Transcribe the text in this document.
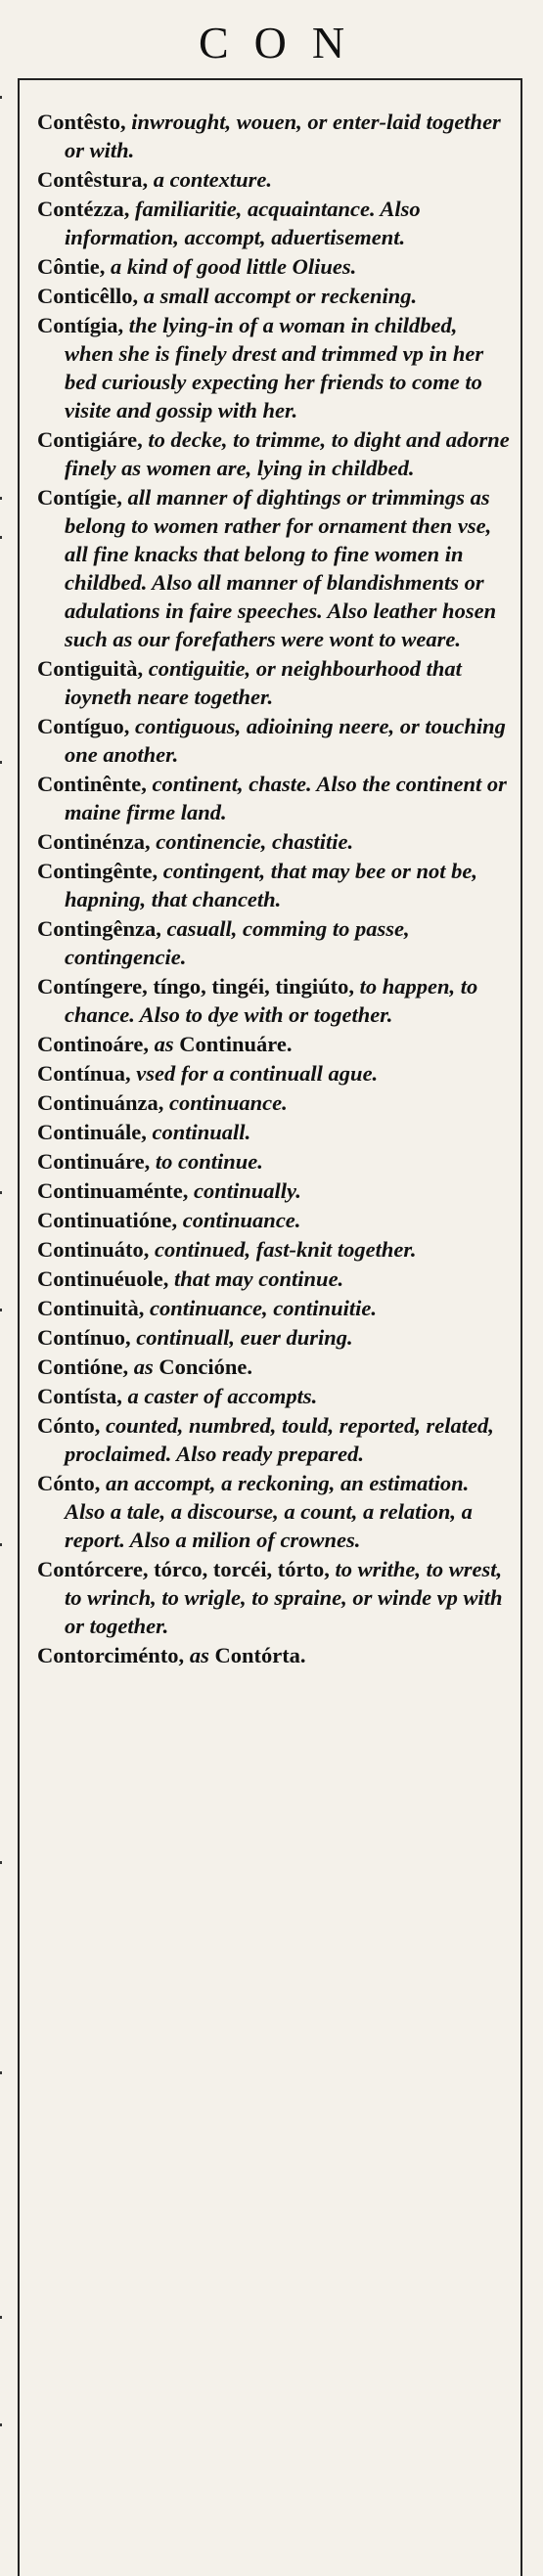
CON
Contêsto, inwrought, wouen, or enter-laid together or with.
Contêstura, a contexture.
Contézza, familiaritie, acquaintance. Also information, accompt, aduertisement.
Côntie, a kind of good little Oliues.
Conticêllo, a small accompt or reckening.
Contígia, the lying-in of a woman in childbed, when she is finely drest and trimmed vp in her bed curiously expecting her friends to come to visite and gossip with her.
Contigiáre, to decke, to trimme, to dight and adorne finely as women are, lying in childbed.
Contígie, all manner of dightings or trimmings as belong to women rather for ornament then vse, all fine knacks that belong to fine women in childbed. Also all manner of blandishments or adulations in faire speeches. Also leather hosen such as our forefathers were wont to weare.
Contiguità, contiguitie, or neighbourhood that ioyneth neare together.
Contíguo, contiguous, adioining neere, or touching one another.
Continênte, continent, chaste. Also the continent or maine firme land.
Continénza, continencie, chastitie.
Contingênte, contingent, that may bee or not be, hapning, that chanceth.
Contingênza, casuall, comming to passe, contingencie.
Contíngere, tíngo, tingéi, tingiúto, to happen, to chance. Also to dye with or together.
Continoáre, as Continuáre.
Contínua, vsed for a continuall ague.
Continuánza, continuance.
Continuále, continuall.
Continuáre, to continue.
Continuaménte, continually.
Continuatióne, continuance.
Continuáto, continued, fast-knit together.
Continuéuole, that may continue.
Continuità, continuance, continuitie.
Contínuo, continuall, euer during.
Contióne, as Concióne.
Contísta, a caster of accompts.
Cónto, counted, numbred, tould, reported, related, proclaimed. Also ready prepared.
Cónto, an accompt, a reckoning, an estimation. Also a tale, a discourse, a count, a relation, a report. Also a milion of crownes.
Contórcere, tórco, torcéi, tórto, to writhe, to wrest, to wrinch, to wrigle, to spraine, or winde vp with or together.
Contorciménto, as Contórta.
